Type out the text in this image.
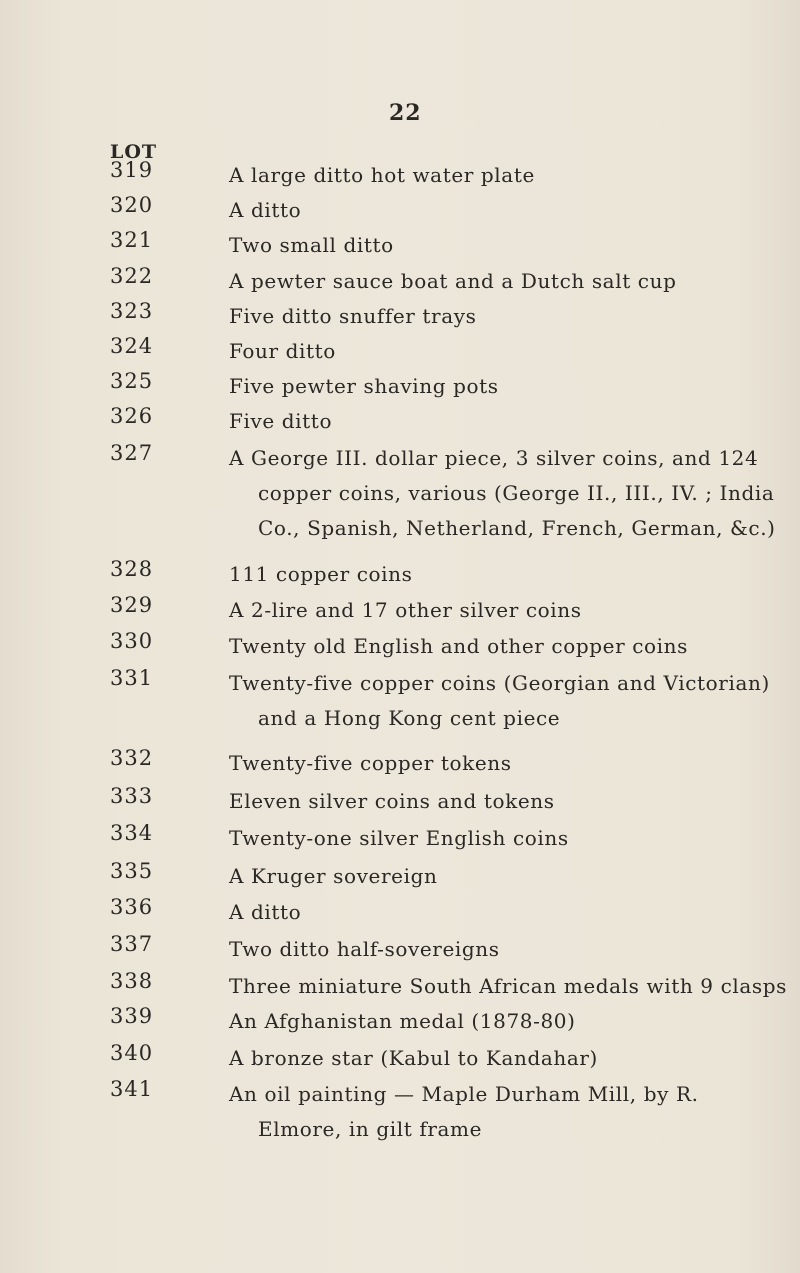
22
LOT
319	A large ditto hot water plate
320	A ditto
321	Two small ditto
322	A pewter sauce boat and a Dutch salt cup
323	Five ditto snuffer trays
324	Four ditto
325	Five pewter shaving pots
326	Five ditto
327	A George III. dollar piece, 3 silver coins, and 124
copper coins, various (George II., III., IV. ; India
Co., Spanish, Netherland, French, German, &c.)
328	111 copper coins
329	A 2-lire and 17 other silver coins
330	Twenty old English and other copper coins
331	Twenty-five copper coins (Georgian and Victorian)
and a Hong Kong cent piece
332	Twenty-five copper tokens
333	Eleven silver coins and tokens
334	Twenty-one silver English coins
335	A Kruger sovereign
336	A ditto
337	Two ditto half-sovereigns
338	Three miniature South African medals with 9 clasps
339	An Afghanistan medal (1878-80)
340	A bronze star (Kabul to Kandahar)
341	An oil painting — Maple Durham Mill, by R.
Elmore, in gilt frame
